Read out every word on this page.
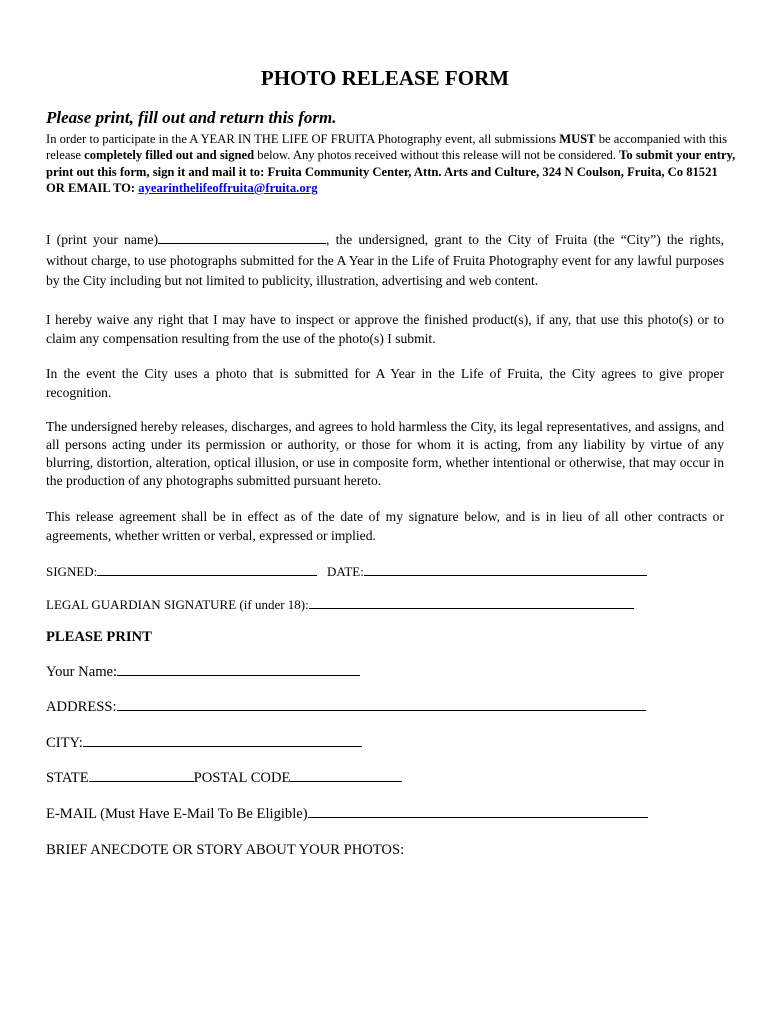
PHOTO RELEASE FORM

Please print, fill out and return this form.

In order to participate in the A YEAR IN THE LIFE OF FRUITA Photography event, all submissions MUST be accompanied with this release completely filled out and signed below. Any photos received without this release will not be considered. To submit your entry, print out this form, sign it and mail it to: Fruita Community Center, Attn. Arts and Culture, 324 N Coulson, Fruita, Co 81521 OR EMAIL TO: ayearinthelifeoffruita@fruita.org

I (print your name)	, the undersigned, grant to the City of Fruita (the “City”) the rights, without charge, to use photographs submitted for the A Year in the Life of Fruita Photography event for any lawful purposes by the City including but not limited to publicity, illustration, advertising and web content.

I hereby waive any right that I may have to inspect or approve the finished product(s), if any, that use this photo(s) or to claim any compensation resulting from the use of the photo(s) I submit.

In the event the City uses a photo that is submitted for A Year in the Life of Fruita, the City agrees to give proper recognition.

The undersigned hereby releases, discharges, and agrees to hold harmless the City, its legal representatives, and assigns, and all persons acting under its permission or authority, or those for whom it is acting, from any liability by virtue of any blurring, distortion, alteration, optical illusion, or use in composite form, whether intentional or otherwise, that may occur in the production of any photographs submitted pursuant hereto.

This release agreement shall be in effect as of the date of my signature below, and is in lieu of all other contracts or agreements, whether written or verbal, expressed or implied.

SIGNED:	DATE:

LEGAL GUARDIAN SIGNATURE (if under 18):

PLEASE PRINT

Your Name:

ADDRESS:

CITY:

STATE	POSTAL CODE

E-MAIL (Must Have E-Mail To Be Eligible)

BRIEF ANECDOTE OR STORY ABOUT YOUR PHOTOS:
